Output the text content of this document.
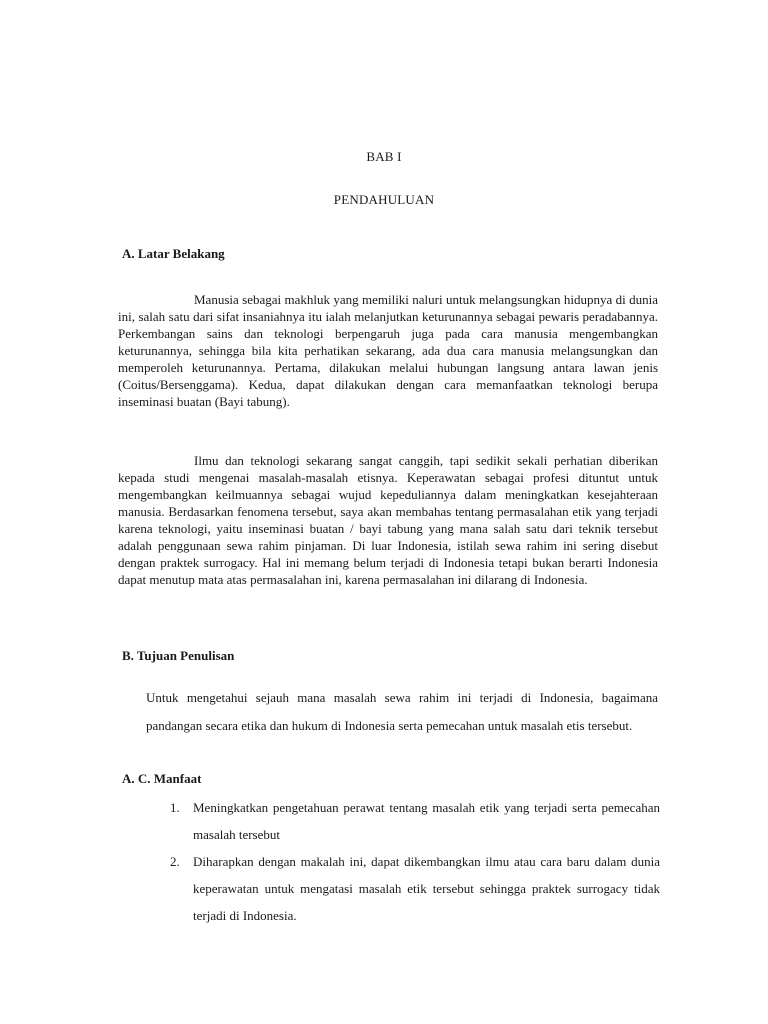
BAB I
PENDAHULUAN
A. Latar Belakang

Manusia sebagai makhluk yang memiliki naluri untuk melangsungkan hidupnya di dunia ini, salah satu dari sifat insaniahnya itu ialah melanjutkan keturunannya sebagai pewaris peradabannya. Perkembangan sains dan teknologi berpengaruh juga pada cara manusia mengembangkan keturunannya, sehingga bila kita perhatikan sekarang, ada dua cara manusia melangsungkan dan memperoleh keturunannya. Pertama, dilakukan melalui hubungan langsung antara lawan jenis (Coitus/Bersenggama). Kedua, dapat dilakukan dengan cara memanfaatkan teknologi berupa inseminasi buatan (Bayi tabung).

Ilmu dan teknologi sekarang sangat canggih, tapi sedikit sekali perhatian diberikan kepada studi mengenai masalah-masalah etisnya. Keperawatan sebagai profesi dituntut untuk mengembangkan keilmuannya sebagai wujud kepeduliannya dalam meningkatkan kesejahteraan manusia. Berdasarkan fenomena tersebut, saya akan membahas tentang permasalahan etik yang terjadi karena teknologi, yaitu inseminasi buatan / bayi tabung yang mana salah satu dari teknik tersebut adalah penggunaan sewa rahim pinjaman. Di luar Indonesia, istilah sewa rahim ini sering disebut dengan praktek surrogacy. Hal ini memang belum terjadi di Indonesia tetapi bukan berarti Indonesia dapat menutup mata atas permasalahan ini, karena permasalahan ini dilarang di Indonesia.

B. Tujuan Penulisan

Untuk mengetahui sejauh mana masalah sewa rahim ini terjadi di Indonesia, bagaimana pandangan secara etika dan hukum di Indonesia serta pemecahan untuk masalah etis tersebut.

A. C. Manfaat
1. Meningkatkan pengetahuan perawat tentang masalah etik yang terjadi serta pemecahan masalah tersebut
2. Diharapkan dengan makalah ini, dapat dikembangkan ilmu atau cara baru dalam dunia keperawatan untuk mengatasi masalah etik tersebut sehingga praktek surrogacy tidak terjadi di Indonesia.
